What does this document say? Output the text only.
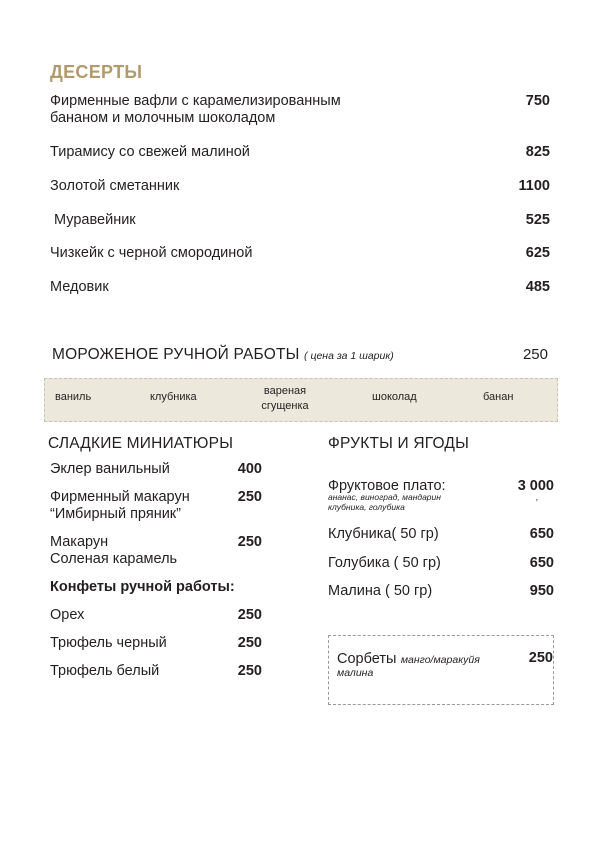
ДЕСЕРТЫ
Фирменные вафли с карамелизированным
бананом и молочным шоколадом
750
Тирамису со свежей малиной	825
Золотой сметанник	1100
Муравейник	525
Чизкейк с черной смородиной	625
Медовик	485
МОРОЖЕНОЕ РУЧНОЙ РАБОТЫ ( цена за 1 шарик)	250
ваниль	клубника	вареная
сгущенка
шоколад	банан
СЛАДКИЕ МИНИАТЮРЫ
Эклер ванильный	400
Фирменный макарун
“Имбирный пряник”
250
Макарун
Соленая карамель
250
Конфеты ручной работы:
Орех	250
Трюфель черный	250
Трюфель белый	250
ФРУКТЫ И ЯГОДЫ
Фруктовое плато:
ананас, виноград, мандарин
клубника, голубика
3 000
,
Клубника( 50 гр)	650
Голубика ( 50 гр)	650
Малина ( 50 гр)	950
Сорбеты манго/маракуйя
малина
250
